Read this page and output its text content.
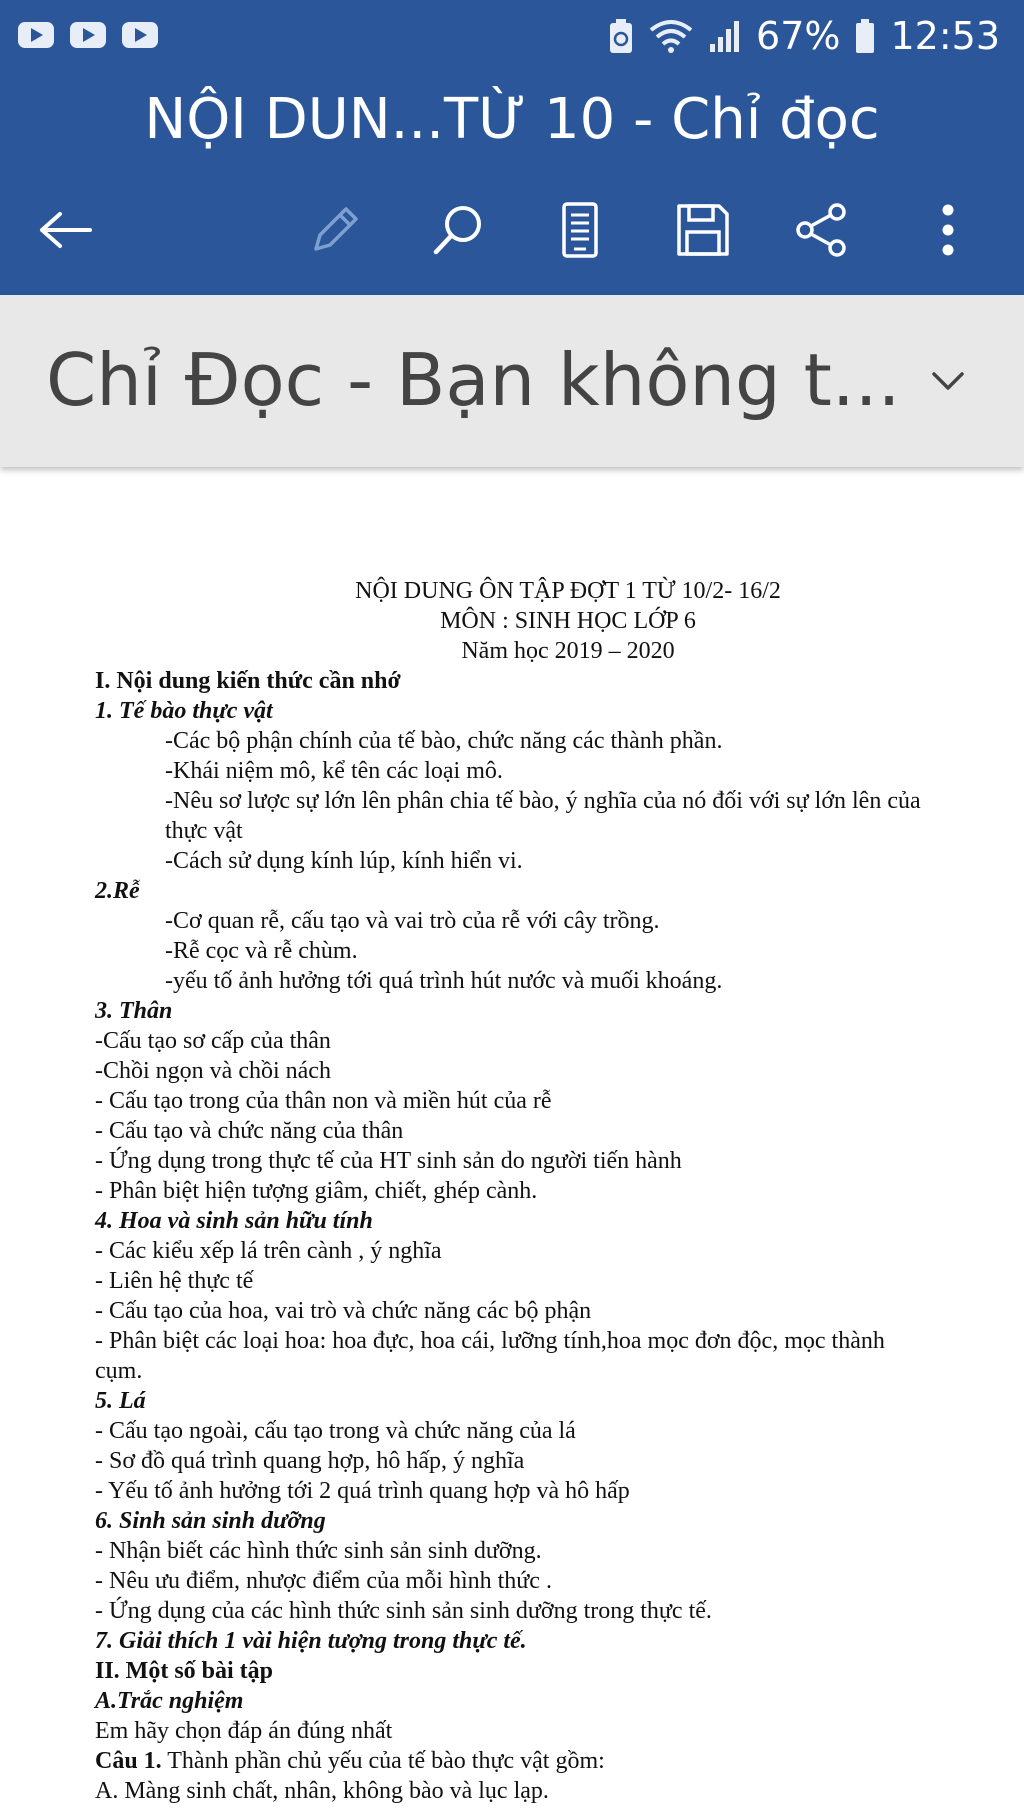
67% 12:53
NỘI DUN...TỪ 10 - Chỉ đọc
Chỉ Đọc - Bạn không t...
NỘI DUNG ÔN TẬP ĐỢT 1 TỪ 10/2- 16/2
MÔN : SINH HỌC LỚP 6
Năm học 2019 – 2020
I. Nội dung kiến thức cần nhớ
1. Tế bào thực vật
-Các bộ phận chính của tế bào, chức năng các thành phần.
-Khái niệm mô, kể tên các loại mô.
-Nêu sơ lược sự lớn lên phân chia tế bào, ý nghĩa của nó đối với sự lớn lên của
thực vật
-Cách sử dụng kính lúp, kính hiển vi.
2.Rễ
-Cơ quan rễ, cấu tạo và vai trò của rễ với cây trồng.
-Rễ cọc và rễ chùm.
-yếu tố ảnh hưởng tới quá trình hút nước và muối khoáng.
3. Thân
-Cấu tạo sơ cấp của thân
-Chồi ngọn và chồi nách
- Cấu tạo trong của thân non và miền hút của rễ
- Cấu tạo và chức năng của thân
- Ứng dụng trong thực tế của HT sinh sản do người tiến hành
- Phân biệt hiện tượng giâm, chiết, ghép cành.
4. Hoa và sinh sản hữu tính
- Các kiểu xếp lá trên cành , ý nghĩa
- Liên hệ thực tế
- Cấu tạo của hoa, vai trò và chức năng các bộ phận
- Phân biệt các loại hoa: hoa đực, hoa cái, lưỡng tính,hoa mọc đơn độc, mọc thành
cụm.
5. Lá
- Cấu tạo ngoài, cấu tạo trong và chức năng của lá
- Sơ đồ quá trình quang hợp, hô hấp, ý nghĩa
- Yếu tố ảnh hưởng tới 2 quá trình quang hợp và hô hấp
6. Sinh sản sinh dưỡng
- Nhận biết các hình thức sinh sản sinh dưỡng.
- Nêu ưu điểm, nhược điểm của mỗi hình thức .
- Ứng dụng của các hình thức sinh sản sinh dưỡng trong thực tế.
7. Giải thích 1 vài hiện tượng trong thực tế.
II. Một số bài tập
A.Trắc nghiệm
Em hãy chọn đáp án đúng nhất
Câu 1. Thành phần chủ yếu của tế bào thực vật gồm:
A. Màng sinh chất, nhân, không bào và lục lạp.
